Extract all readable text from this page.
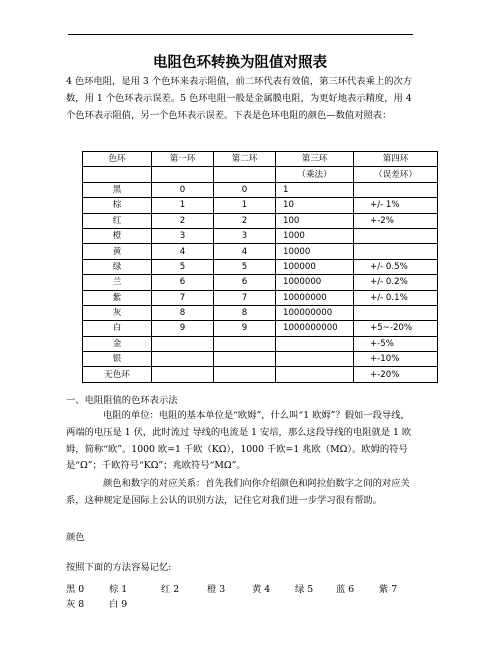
电阻色环转换为阻值对照表

4 色环电阻，是用 3 个色环来表示阻值，前二环代表有效值，第三环代表乘上的次方数，用 1 个色环表示误差。5 色环电阻一般是金属膜电阻，为更好地表示精度，用 4 个色环表示阻值，另一个色环表示误差。下表是色环电阻的颜色—数值对照表：

色环	第一环	第二环	第三环	第四环
			（乘法）	（误差环）
黑	0	0	1	
棕	1	1	10	+/- 1%
红	2	2	100	+-2%
橙	3	3	1000	
黄	4	4	10000	
绿	5	5	100000	+/- 0.5%
兰	6	6	1000000	+/- 0.2%
紫	7	7	10000000	+/- 0.1%
灰	8	8	100000000	
白	9	9	1000000000	+5~-20%
金				+-5%
银				+-10%
无色环				+-20%
一、电阻阻值的色环表示法

电阻的单位：电阻的基本单位是“欧姆”，什么叫“1 欧姆”？假如一段导线，两端的电压是 1 伏，此时流过 导线的电流是 1 安培，那么这段导线的电阻就是 1 欧姆，简称“欧”。1000 欧=1 千欧（KΩ），1000 千欧=1 兆欧（MΩ）。欧姆的符号是“Ω”；千欧符号“KΩ”；兆欧符号“MΩ”。

颜色和数字的对应关系：首先我们向你介绍颜色和阿拉伯数字之间的对应关系，这种规定是国际上公认的识别方法，记住它对我们进一步学习很有帮助。

颜色
按照下面的方法容易记忆:
黑 0	棕 1	红 2	橙 3	黄 4	绿 5 蓝 6	紫 7
灰 8	白 9
